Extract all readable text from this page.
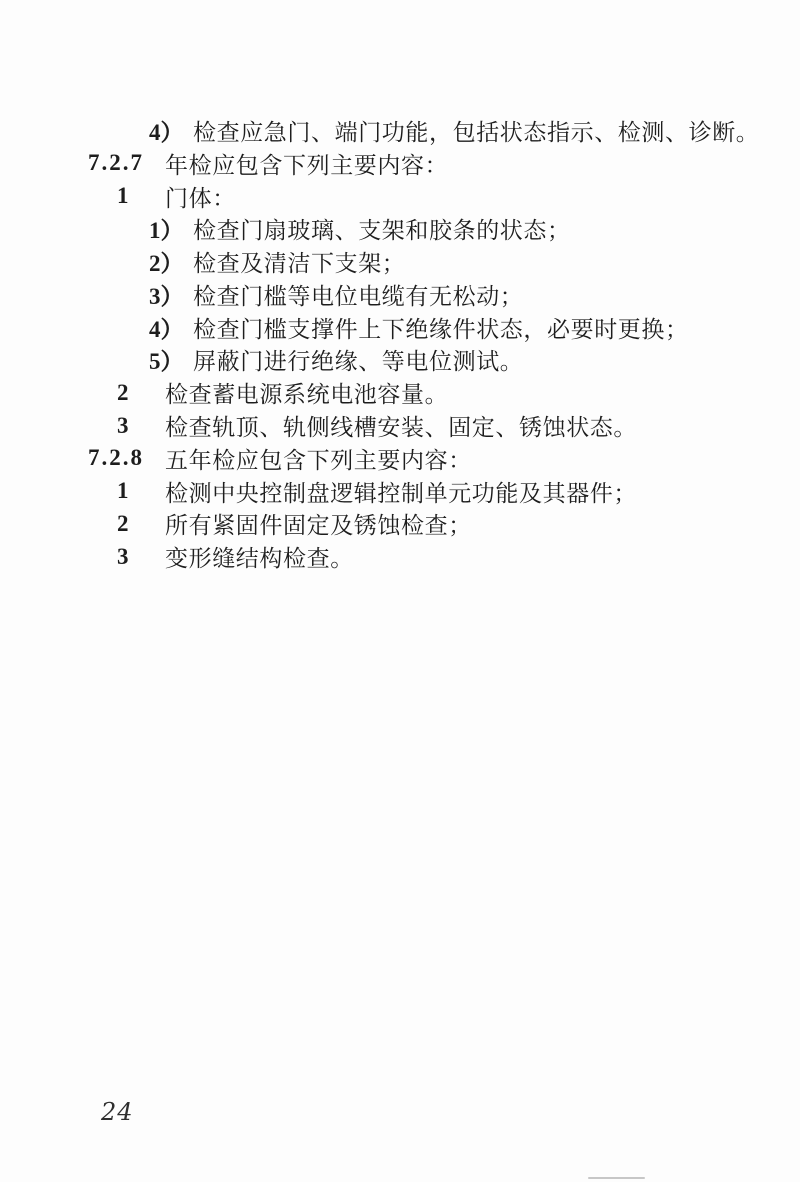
4） 检查应急门、端门功能，包括状态指示、检测、诊断。
7.2.7 年检应包含下列主要内容：
1	门体：
1） 检查门扇玻璃、支架和胶条的状态；
2） 检查及清洁下支架；
3） 检查门槛等电位电缆有无松动；
4） 检查门槛支撑件上下绝缘件状态，必要时更换；
5） 屏蔽门进行绝缘、等电位测试。
2	检查蓄电源系统电池容量。
3	检查轨顶、轨侧线槽安装、固定、锈蚀状态。
7.2.8 五年检应包含下列主要内容：
1	检测中央控制盘逻辑控制单元功能及其器件；
2	所有紧固件固定及锈蚀检查；
3	变形缝结构检查。
24
